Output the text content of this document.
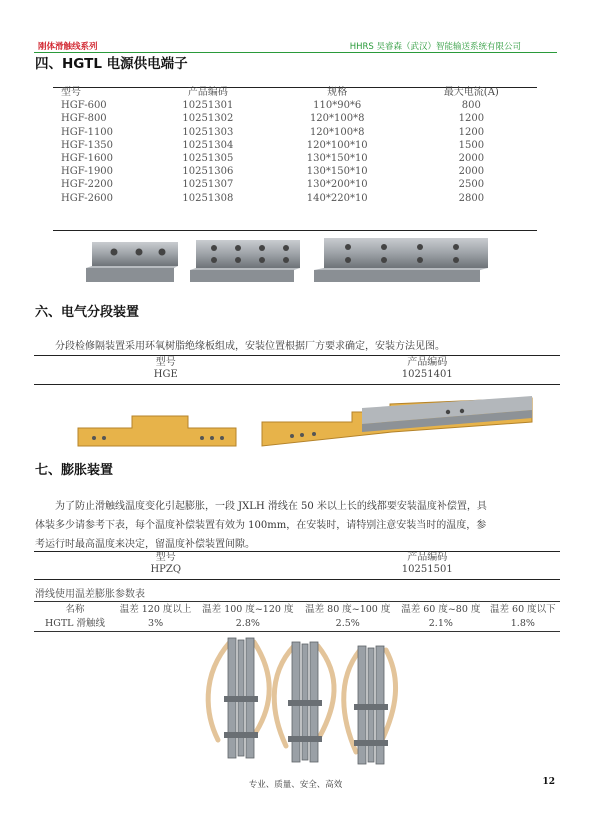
刚体滑触线系列	HHRS 昊睿森（武汉）智能输送系统有限公司
四、HGTL 电源供电端子
型号	产品编码	规格	最大电流(A)
HGF-600	10251301	110*90*6	800
HGF-800	10251302	120*100*8	1200
HGF-1100	10251303	120*100*8	1200
HGF-1350	10251304	120*100*10	1500
HGF-1600	10251305	130*150*10	2000
HGF-1900	10251306	130*150*10	2000
HGF-2200	10251307	130*200*10	2500
HGF-2600	10251308	140*220*10	2800
六、电气分段装置
分段检修隔装置采用环氧树脂绝缘板组成，安装位置根据厂方要求确定，安装方法见图。
型号	产品编码
HGE	10251401
七、膨胀装置
为了防止滑触线温度变化引起膨胀，一段 JXLH 滑线在 50 米以上长的线都要安装温度补偿置，具
体装多少请参考下表，每个温度补偿装置有效为 100mm，在安装时，请特别注意安装当时的温度，参
考运行时最高温度来决定，留温度补偿装置间隙。
型号	产品编码
HPZQ	10251501
滑线使用温差膨胀参数表
名称	温差 120 度以上	温差 100 度~120 度	温差 80 度~100 度	温差 60 度~80 度	温差 60 度以下
HGTL 滑触线	3%	2.8%	2.5%	2.1%	1.8%
专业、质量、安全、高效	12
